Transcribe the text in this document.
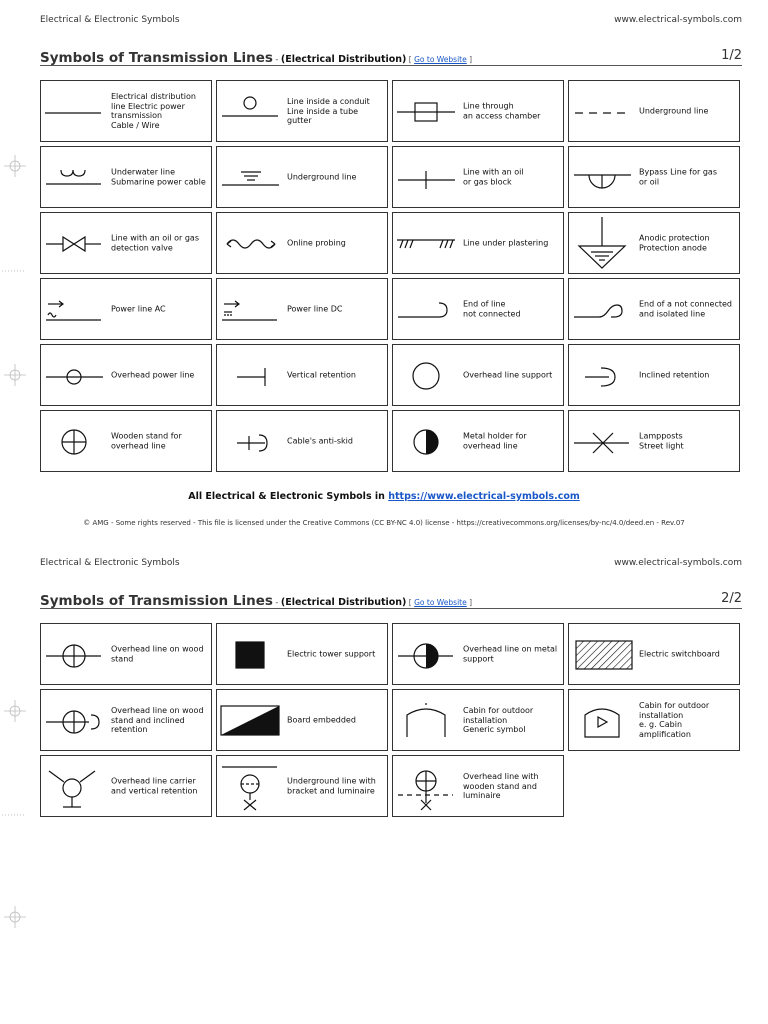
Electrical & Electronic Symbols	www.electrical-symbols.com
Symbols of Transmission Lines - (Electrical Distribution) [ Go to Website ]	1/2
Electrical distribution
line Electric power
transmission
Cable / Wire
Line inside a conduit
Line inside a tube
gutter
Line through
an access chamber
Underground line
Underwater line
Submarine power cable
Underground line
Line with an oil
or gas block
Bypass Line for gas
or oil
Line with an oil or gas
detection valve
Online probing	Line under plastering
Anodic protection
Protection anode
Power line AC	Power line DC
End of line
not connected
End of a not connected
and isolated line
Overhead power line	Vertical retention	Overhead line support	Inclined retention
Wooden stand for
overhead line
Cable's anti-skid
Metal holder for
overhead line
Lampposts
Street light
All Electrical & Electronic Symbols in https://www.electrical-symbols.com
© AMG - Some rights reserved - This file is licensed under the Creative Commons (CC BY-NC 4.0) license - https://creativecommons.org/licenses/by-nc/4.0/deed.en - Rev.07
Electrical & Electronic Symbols	www.electrical-symbols.com
Symbols of Transmission Lines - (Electrical Distribution) [ Go to Website ]	2/2
Overhead line on wood
stand
Electric tower support
Overhead line on metal
support
Electric switchboard
Overhead line on wood
stand and inclined
retention
Board embedded
Cabin for outdoor
installation
Generic symbol
Cabin for outdoor
installation
e. g. Cabin amplification
Overhead line carrier
and vertical retention
Underground line with
bracket and luminaire
Overhead line with
wooden stand and
luminaire
